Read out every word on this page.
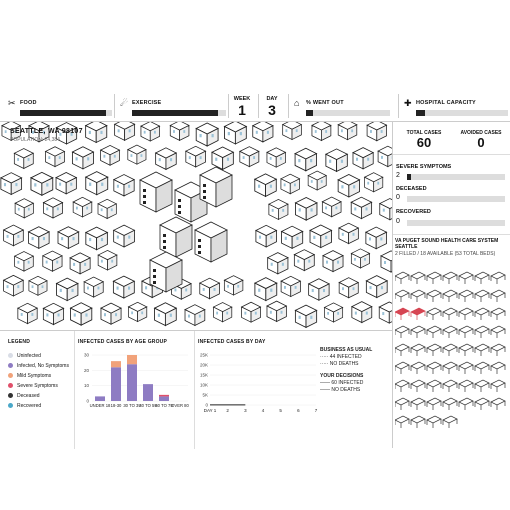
✂ FOOD	☄ EXERCISE
WEEK
1
DAY
3	⌂	% WENT OUT	✚ HOSPITAL CAPACITY
SEATTLE, WA 98107
POPULATION: 24,384
TOTAL CASES
60
AVOIDED CASES
0
SEVERE SYMPTOMS
2
DECEASED
0
RECOVERED
0
VA PUGET SOUND HEALTH CARE SYSTEM
SEATTLE
2 FILLED / 18 AVAILABLE (53 TOTAL BEDS)
LEGEND
Uninfected
Infected, No Symptoms
Mild Symptoms
Severe Symptoms
Deceased
Recovered
INFECTED CASES BY AGE GROUP
0
10
20
30
UNDER 18 18-30 30 TO 39
40 TO 59
60 TO 79
OVER 80
INFECTED CASES BY DAY
0
5K
10K
15K
20K
25K
DAY 1 2	3	4	5	6	7
BUSINESS AS USUAL
····· 44 INFECTED
····· NO DEATHS
YOUR DECISIONS
—— 60 INFECTED
—— NO DEATHS
